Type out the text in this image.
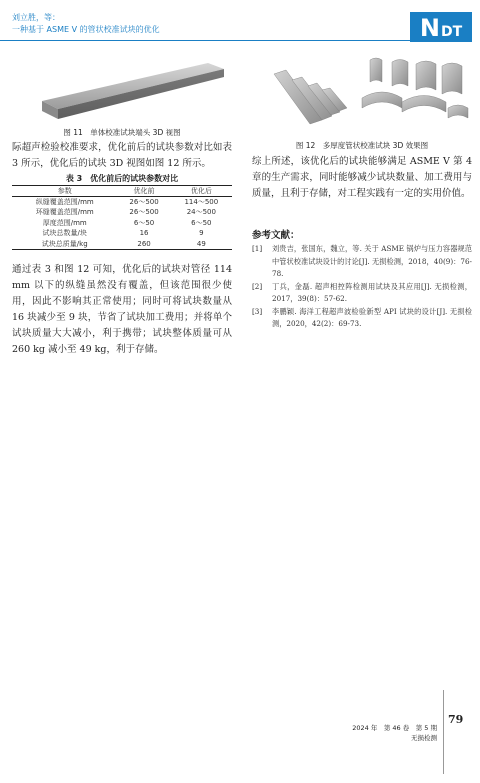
刘立胜，等：
一种基于 ASME V 的管状校准试块的优化	N DT
图 11　单体校准试块端头 3D 视图
图 12　多厚度管状校准试块 3D 效果图
际超声检验校准要求，优化前后的试块参数对比如表 3 所示，优化后的试块 3D 视图如图 12 所示。
表 3　优化前后的试块参数对比
参数	优化前	优化后
纵缝覆盖范围/mm	26～500	114～500
环缝覆盖范围/mm	26～500	24～500
厚度范围/mm	6～50	6～50
试块总数量/块	16	9
试块总质量/kg	260	49
通过表 3 和图 12 可知，优化后的试块对管径 114 mm 以下的纵缝虽然没有覆盖，但该范围很少使用，因此不影响其正常使用；同时可将试块数量从 16 块减少至 9 块，节省了试块加工费用；并将单个试块质量大大减小，利于携带；试块整体质量可从 260 kg 减小至 49 kg，利于存储。
综上所述，该优化后的试块能够满足 ASME V 第 4 章的生产需求，同时能够减少试块数量、加工费用与质量，且利于存储，对工程实践有一定的实用价值。
参考文献：
[1]	刘贵吉，张国东，魏立，等. 关于 ASME 锅炉与压力容器规范中管状校准试块设计的讨论[J]. 无损检测，2018，40(9)：76-78.
[2]	丁兵，金磊. 超声相控阵检测用试块及其应用[J]. 无损检测，2017，39(8)：57-62.
[3]	李鹏颖. 海洋工程超声波检验新型 API 试块的设计[J]. 无损检测，2020，42(2)：69-73.
79
2024 年　第 46 卷　第 5 期
无损检测
